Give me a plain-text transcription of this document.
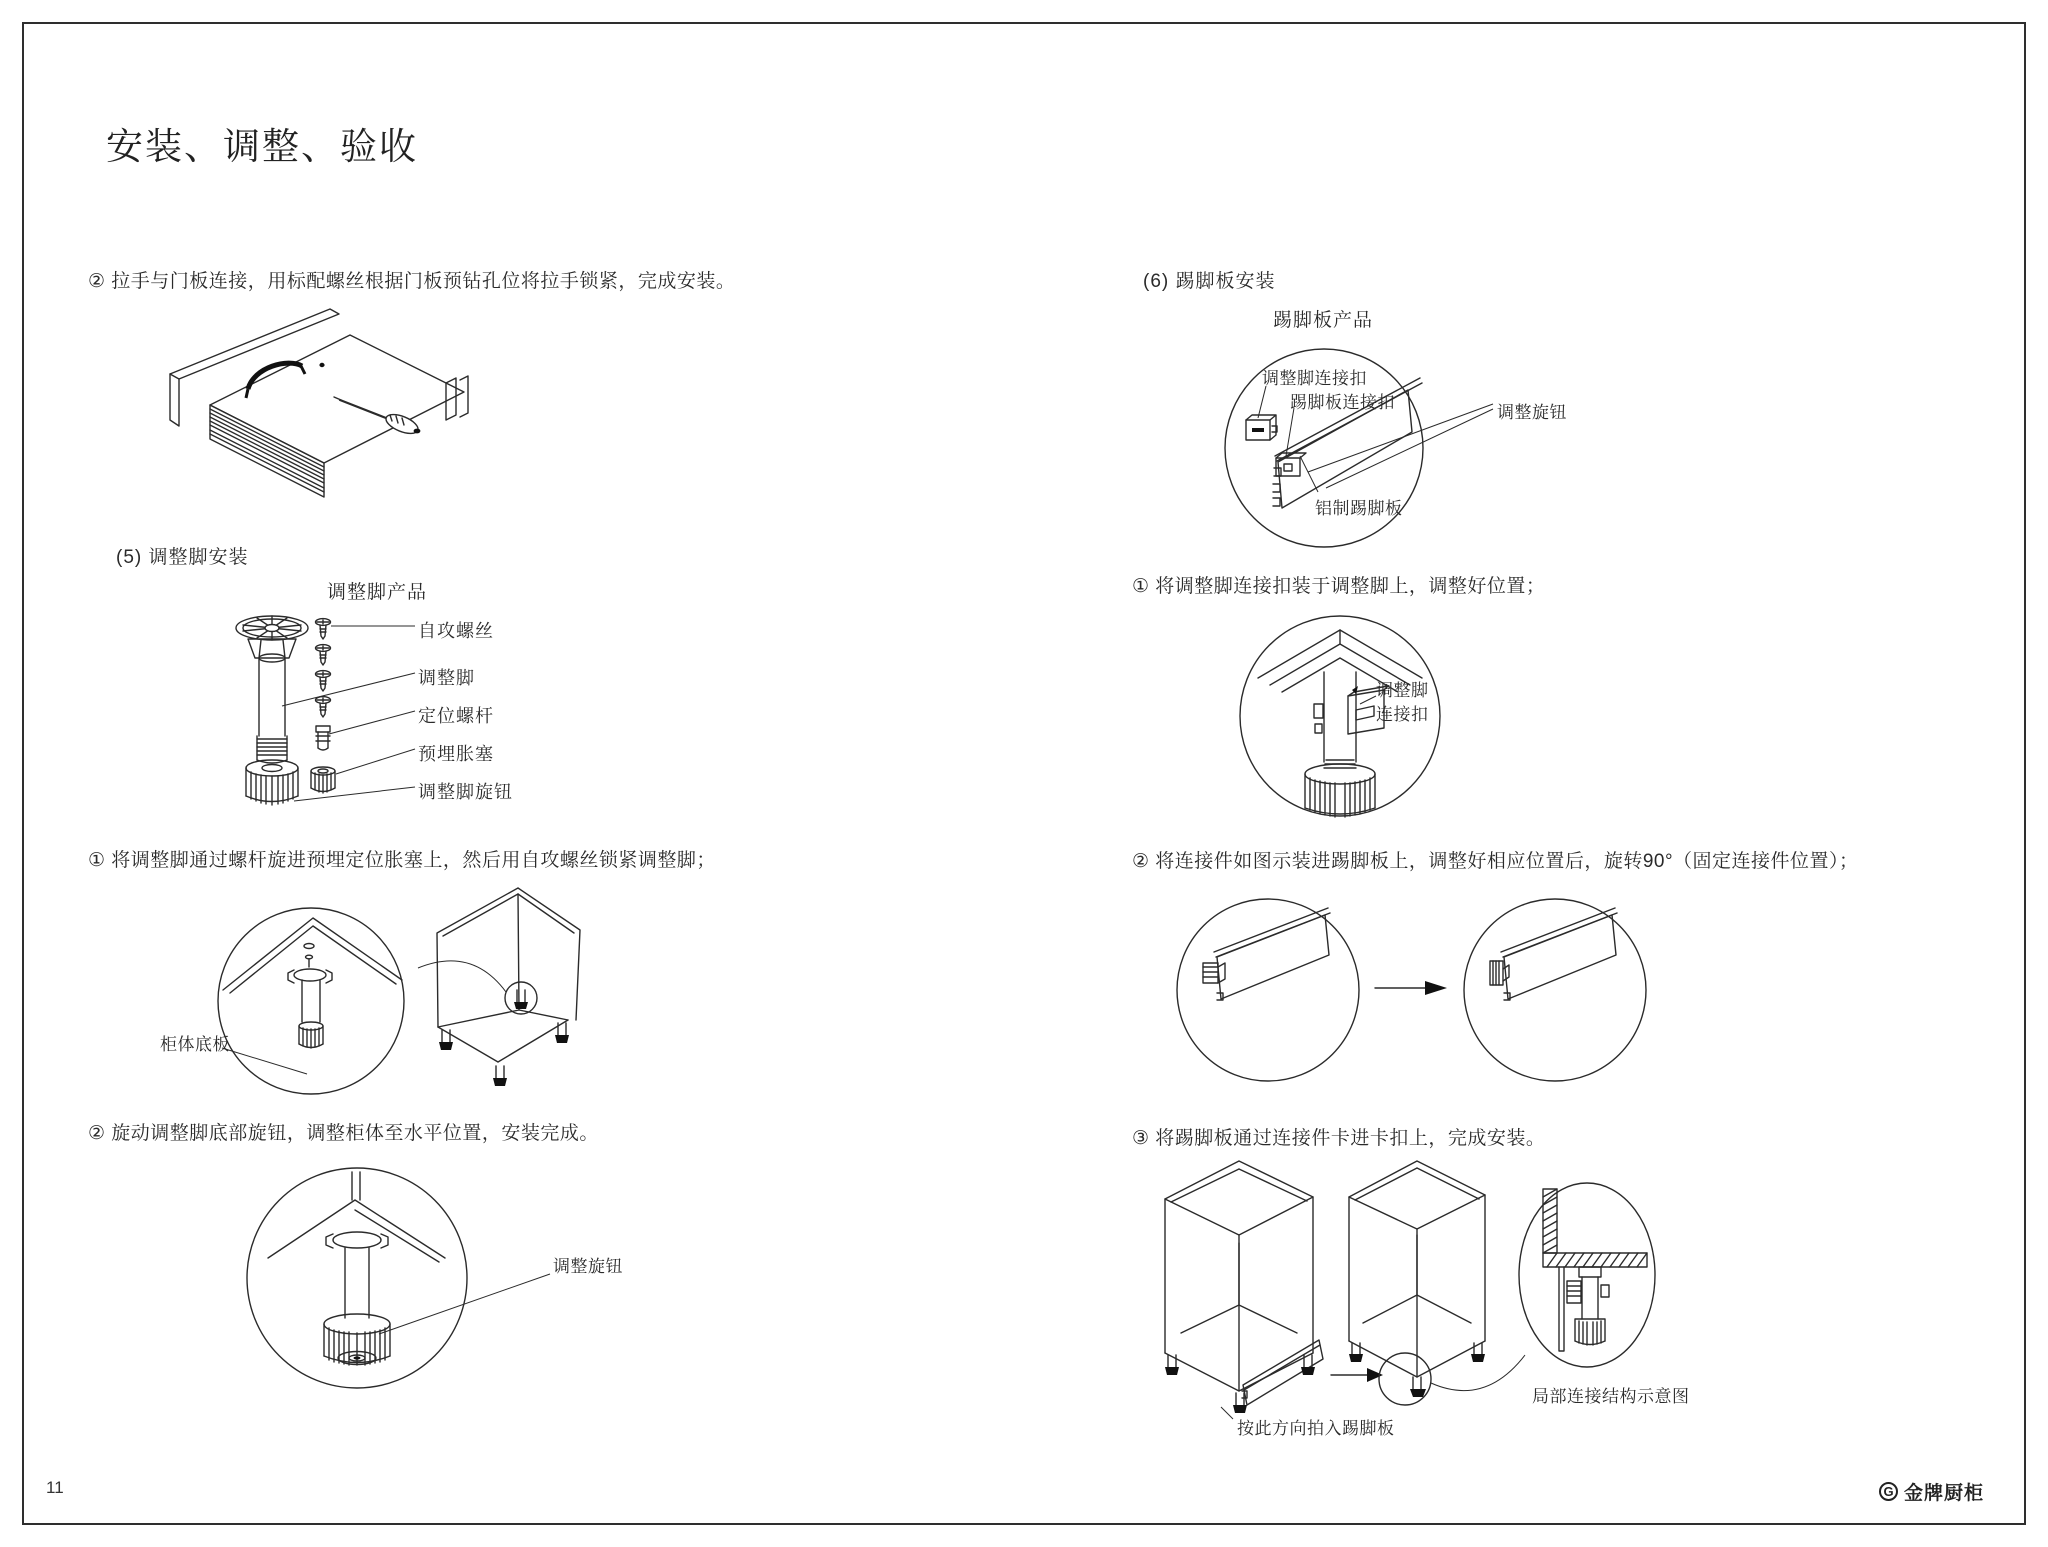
安装、调整、验收
② 拉手与门板连接，用标配螺丝根据门板预钻孔位将拉手锁紧，完成安装。
(5) 调整脚安装
调整脚产品
自攻螺丝
调整脚
定位螺杆
预埋胀塞
调整脚旋钮
① 将调整脚通过螺杆旋进预埋定位胀塞上，然后用自攻螺丝锁紧调整脚；
柜体底板
② 旋动调整脚底部旋钮，调整柜体至水平位置，安装完成。
调整旋钮
(6) 踢脚板安装
踢脚板产品
调整脚连接扣
踢脚板连接扣
调整旋钮
铝制踢脚板
① 将调整脚连接扣装于调整脚上，调整好位置；
调整脚
连接扣
② 将连接件如图示装进踢脚板上，调整好相应位置后，旋转90°（固定连接件位置）；
③ 将踢脚板通过连接件卡进卡扣上，完成安装。
按此方向拍入踢脚板
局部连接结构示意图
11	G 金牌厨柜
